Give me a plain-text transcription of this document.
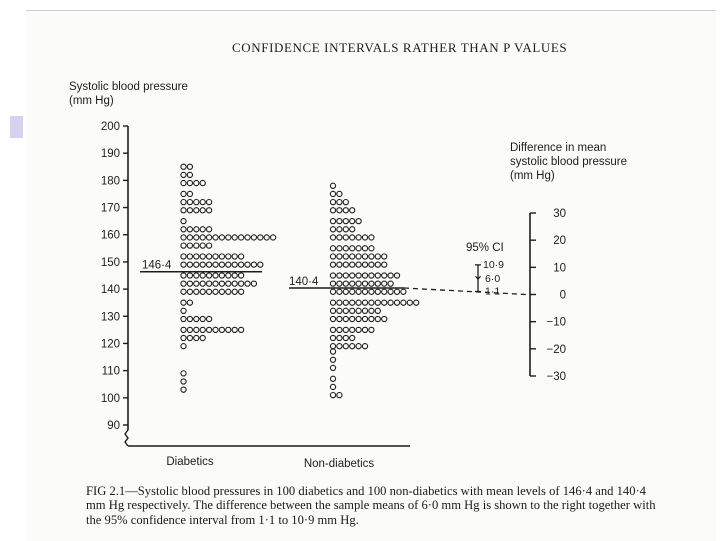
CONFIDENCE INTERVALS RATHER THAN P VALUES
90
100
110
120
130
140
150
160
170
180
190
200
Diabetics	Non-diabetics
146·4
140·4
−30
−20
−10
0
10
20
30
10·9
6·0
1·1
95% CI
Systolic blood pressure (mm Hg)
Difference in mean systolic blood pressure (mm Hg)
FIG 2.1—Systolic blood pressures in 100 diabetics and 100 non-diabetics with mean levels of 146·4 and 140·4 mm Hg respectively. The difference between the sample means of 6·0 mm Hg is shown to the right together with the 95% confidence interval from 1·1 to 10·9 mm Hg.
